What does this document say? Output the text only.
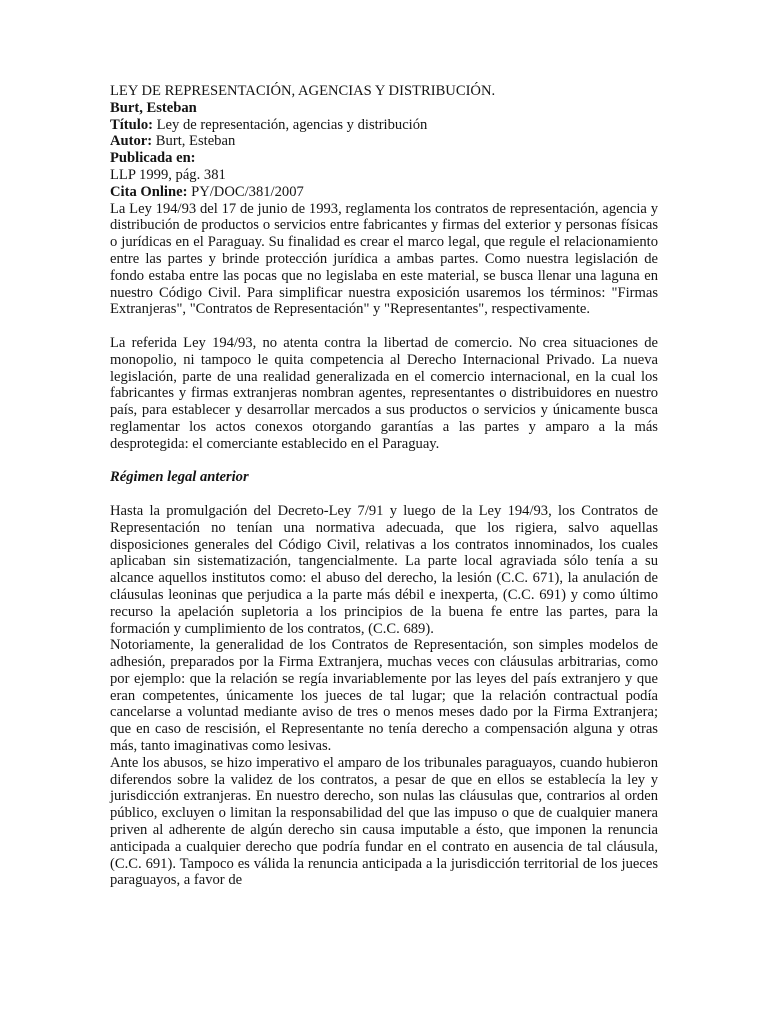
LEY DE REPRESENTACIÓN, AGENCIAS Y DISTRIBUCIÓN.
Burt, Esteban
Título: Ley de representación, agencias y distribución
Autor: Burt, Esteban
Publicada en:
LLP 1999, pág. 381
Cita Online: PY/DOC/381/2007

La Ley 194/93 del 17 de junio de 1993, reglamenta los contratos de representación, agencia y distribución de productos o servicios entre fabricantes y firmas del exterior y personas físicas o jurídicas en el Paraguay. Su finalidad es crear el marco legal, que regule el relacionamiento entre las partes y brinde protección jurídica a ambas partes. Como nuestra legislación de fondo estaba entre las pocas que no legislaba en este material, se busca llenar una laguna en nuestro Código Civil. Para simplificar nuestra exposición usaremos los términos: "Firmas Extranjeras", "Contratos de Representación" y "Representantes", respectivamente.

La referida Ley 194/93, no atenta contra la libertad de comercio. No crea situaciones de monopolio, ni tampoco le quita competencia al Derecho Internacional Privado. La nueva legislación, parte de una realidad generalizada en el comercio internacional, en la cual los fabricantes y firmas extranjeras nombran agentes, representantes o distribuidores en nuestro país, para establecer y desarrollar mercados a sus productos o servicios y únicamente busca reglamentar los actos conexos otorgando garantías a las partes y amparo a la más desprotegida: el comerciante establecido en el Paraguay.

Régimen legal anterior

Hasta la promulgación del Decreto-Ley 7/91 y luego de la Ley 194/93, los Contratos de Representación no tenían una normativa adecuada, que los rigiera, salvo aquellas disposiciones generales del Código Civil, relativas a los contratos innominados, los cuales aplicaban sin sistematización, tangencialmente. La parte local agraviada sólo tenía a su alcance aquellos institutos como: el abuso del derecho, la lesión (C.C. 671), la anulación de cláusulas leoninas que perjudica a la parte más débil e inexperta, (C.C. 691) y como último recurso la apelación supletoria a los principios de la buena fe entre las partes, para la formación y cumplimiento de los contratos, (C.C. 689).

Notoriamente, la generalidad de los Contratos de Representación, son simples modelos de adhesión, preparados por la Firma Extranjera, muchas veces con cláusulas arbitrarias, como por ejemplo: que la relación se regía invariablemente por las leyes del país extranjero y que eran competentes, únicamente los jueces de tal lugar; que la relación contractual podía cancelarse a voluntad mediante aviso de tres o menos meses dado por la Firma Extranjera; que en caso de rescisión, el Representante no tenía derecho a compensación alguna y otras más, tanto imaginativas como lesivas.

Ante los abusos, se hizo imperativo el amparo de los tribunales paraguayos, cuando hubieron diferendos sobre la validez de los contratos, a pesar de que en ellos se establecía la ley y jurisdicción extranjeras. En nuestro derecho, son nulas las cláusulas que, contrarios al orden público, excluyen o limitan la responsabilidad del que las impuso o que de cualquier manera priven al adherente de algún derecho sin causa imputable a ésto, que imponen la renuncia anticipada a cualquier derecho que podría fundar en el contrato en ausencia de tal cláusula, (C.C. 691). Tampoco es válida la renuncia anticipada a la jurisdicción territorial de los jueces paraguayos, a favor de
